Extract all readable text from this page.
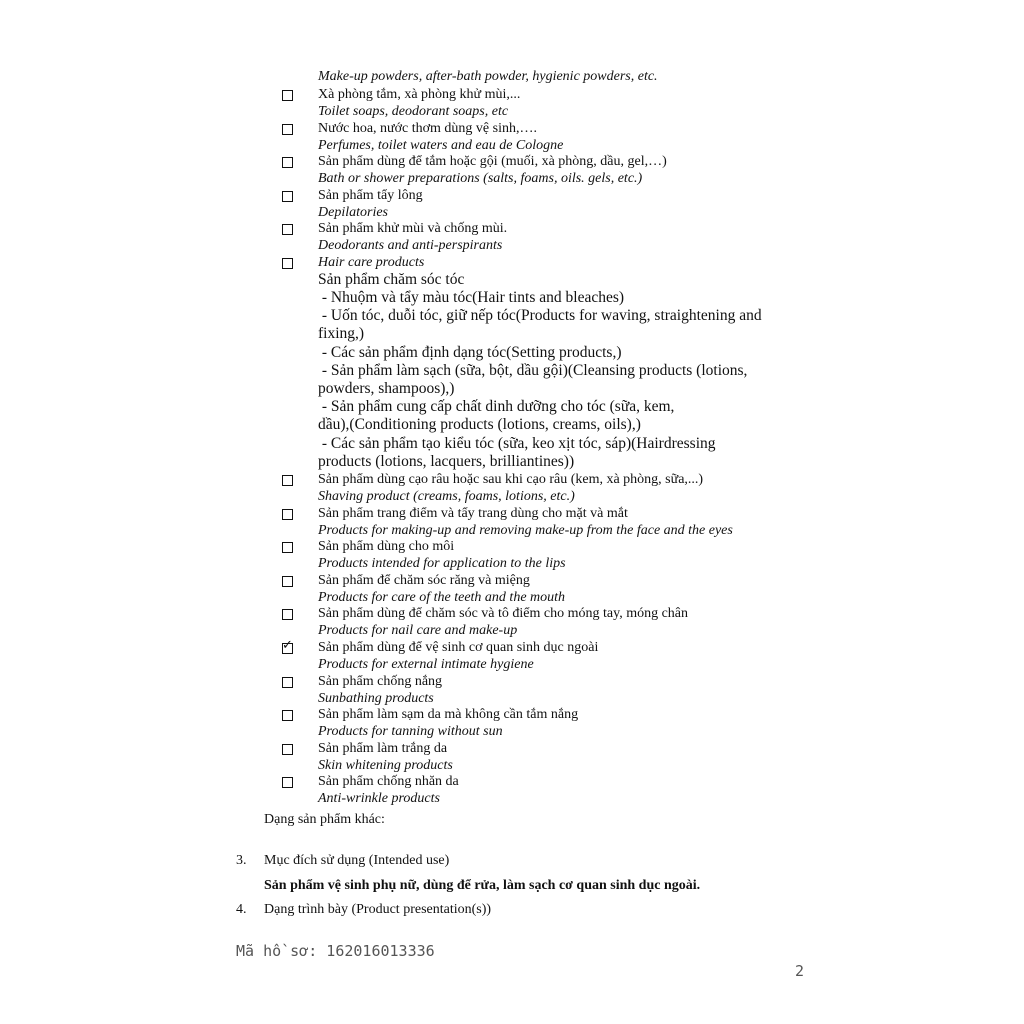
Make-up powders, after-bath powder, hygienic powders, etc.
Xà phòng tắm, xà phòng khử mùi,...
Toilet soaps, deodorant soaps, etc
Nước hoa, nước thơm dùng vệ sinh,….
Perfumes, toilet waters and eau de Cologne
Sản phẩm dùng để tắm hoặc gội (muối, xà phòng, dầu, gel,…)
Bath or shower preparations (salts, foams, oils. gels, etc.)
Sản phẩm tẩy lông
Depilatories
Sản phẩm khử mùi và chống mùi.
Deodorants and anti-perspirants
Hair care products
Sản phẩm chăm sóc tóc
- Nhuộm và tẩy màu tóc(Hair tints and bleaches)
- Uốn tóc, duỗi tóc, giữ nếp tóc(Products for waving, straightening and
fixing,)
- Các sản phẩm định dạng tóc(Setting products,)
- Sản phẩm làm sạch (sữa, bột, dầu gội)(Cleansing products (lotions,
powders, shampoos),)
- Sản phẩm cung cấp chất dinh dưỡng cho tóc (sữa, kem,
dầu),(Conditioning products (lotions, creams, oils),)
- Các sản phẩm tạo kiểu tóc (sữa, keo xịt tóc, sáp)(Hairdressing
products (lotions, lacquers, brilliantines))
Sản phẩm dùng cạo râu hoặc sau khi cạo râu (kem, xà phòng, sữa,...)
Shaving product (creams, foams, lotions, etc.)
Sản phẩm trang điểm và tẩy trang dùng cho mặt và mắt
Products for making-up and removing make-up from the face and the eyes
Sản phẩm dùng cho môi
Products intended for application to the lips
Sản phẩm để chăm sóc răng và miệng
Products for care of the teeth and the mouth
Sản phẩm dùng để chăm sóc và tô điểm cho móng tay, móng chân
Products for nail care and make-up
✓ Sản phẩm dùng để vệ sinh cơ quan sinh dục ngoài
Products for external intimate hygiene
Sản phẩm chống nắng
Sunbathing products
Sản phẩm làm sạm da mà không cần tắm nắng
Products for tanning without sun
Sản phẩm làm trắng da
Skin whitening products
Sản phẩm chống nhăn da
Anti-wrinkle products
Dạng sản phẩm khác:
3. Mục đích sử dụng (Intended use)
Sản phẩm vệ sinh phụ nữ, dùng để rửa, làm sạch cơ quan sinh dục ngoài.
4. Dạng trình bày (Product presentation(s))
Mã hồ sơ: 162016013336
2
